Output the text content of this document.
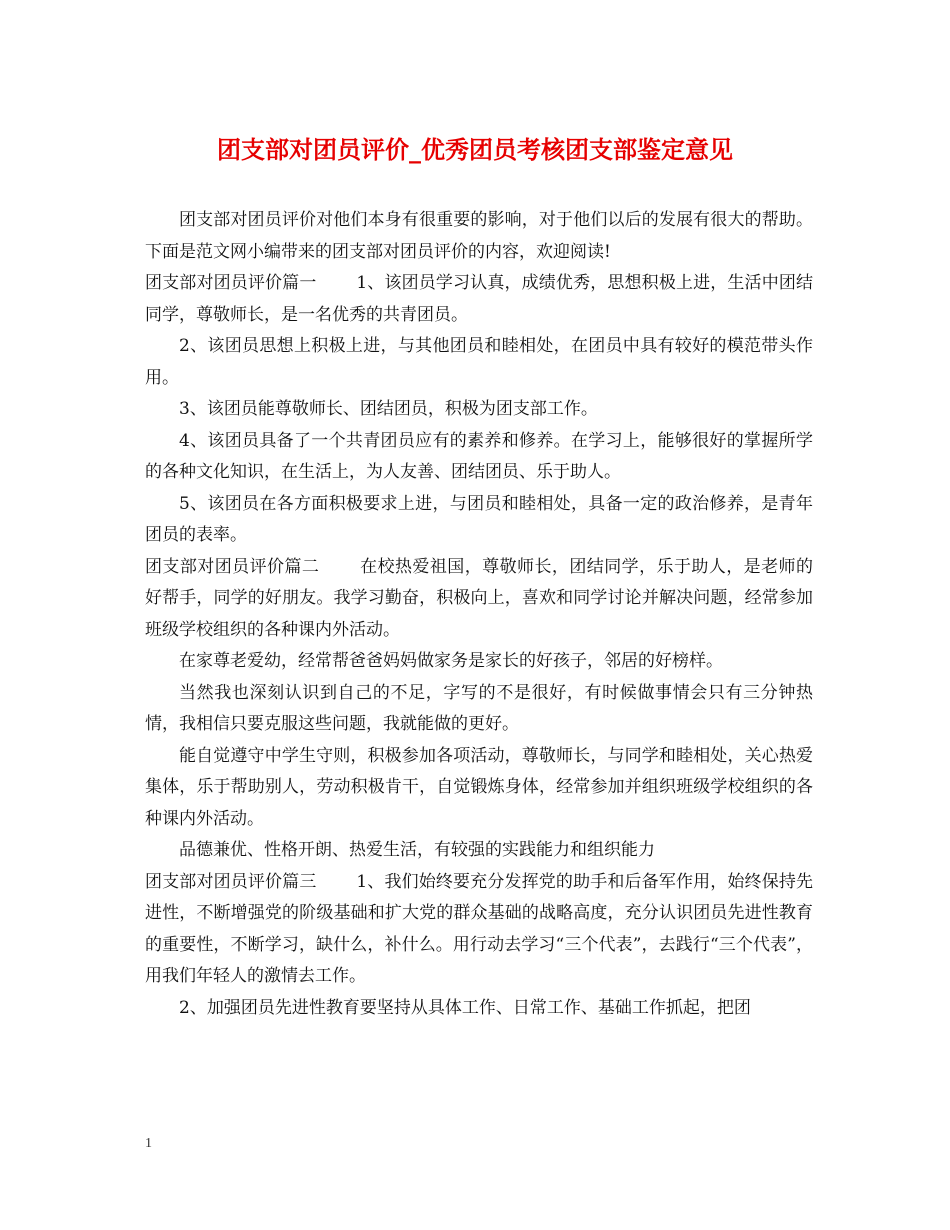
团支部对团员评价_优秀团员考核团支部鉴定意见

团支部对团员评价对他们本身有很重要的影响，对于他们以后的发展有很大的帮助。下面是范文网小编带来的团支部对团员评价的内容，欢迎阅读!

团支部对团员评价篇一　　 1、该团员学习认真，成绩优秀，思想积极上进，生活中团结同学，尊敬师长，是一名优秀的共青团员。

2、该团员思想上积极上进，与其他团员和睦相处，在团员中具有较好的模范带头作用。

3、该团员能尊敬师长、团结团员，积极为团支部工作。

4、该团员具备了一个共青团员应有的素养和修养。在学习上，能够很好的掌握所学的各种文化知识，在生活上，为人友善、团结团员、乐于助人。

5、该团员在各方面积极要求上进，与团员和睦相处，具备一定的政治修养，是青年团员的表率。

团支部对团员评价篇二　　 在校热爱祖国，尊敬师长，团结同学，乐于助人，是老师的好帮手，同学的好朋友。我学习勤奋，积极向上，喜欢和同学讨论并解决问题，经常参加班级学校组织的各种课内外活动。

在家尊老爱幼，经常帮爸爸妈妈做家务是家长的好孩子，邻居的好榜样。

当然我也深刻认识到自己的不足，字写的不是很好，有时候做事情会只有三分钟热情，我相信只要克服这些问题，我就能做的更好。

能自觉遵守中学生守则，积极参加各项活动，尊敬师长，与同学和睦相处，关心热爱集体，乐于帮助别人，劳动积极肯干，自觉锻炼身体，经常参加并组织班级学校组织的各种课内外活动。

品德兼优、性格开朗、热爱生活，有较强的实践能力和组织能力

团支部对团员评价篇三　　 1、我们始终要充分发挥党的助手和后备军作用，始终保持先进性，不断增强党的阶级基础和扩大党的群众基础的战略高度，充分认识团员先进性教育的重要性，不断学习，缺什么，补什么。用行动去学习“三个代表”，去践行“三个代表”，用我们年轻人的激情去工作。

2、加强团员先进性教育要坚持从具体工作、日常工作、基础工作抓起，把团

1
